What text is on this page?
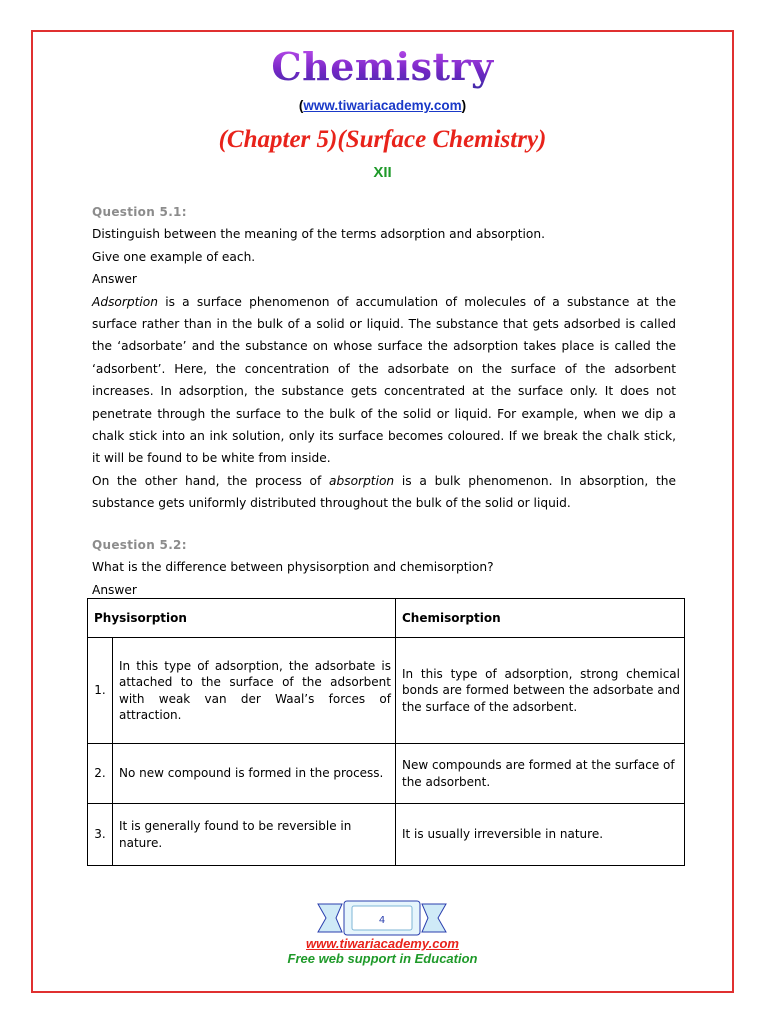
Chemistry
(www.tiwariacademy.com)
(Chapter 5)(Surface Chemistry)
XII
Question 5.1:
Distinguish between the meaning of the terms adsorption and absorption.
Give one example of each.
Answer

Adsorption is a surface phenomenon of accumulation of molecules of a substance at the surface rather than in the bulk of a solid or liquid. The substance that gets adsorbed is called the ‘adsorbate’ and the substance on whose surface the adsorption takes place is called the ‘adsorbent’. Here, the concentration of the adsorbate on the surface of the adsorbent increases. In adsorption, the substance gets concentrated at the surface only. It does not penetrate through the surface to the bulk of the solid or liquid. For example, when we dip a chalk stick into an ink solution, only its surface becomes coloured. If we break the chalk stick, it will be found to be white from inside.

On the other hand, the process of absorption is a bulk phenomenon. In absorption, the substance gets uniformly distributed throughout the bulk of the solid or liquid.

Question 5.2:
What is the difference between physisorption and chemisorption?
Answer
Physisorption		Chemisorption
1.	In this type of adsorption, the adsorbate is attached to the surface of the adsorbent with weak van der Waal’s forces of attraction.	In this type of adsorption, strong chemical bonds are formed between the adsorbate and the surface of the adsorbent.
2.	No new compound is formed in the process.	New compounds are formed at the surface of the adsorbent.
3.	It is generally found to be reversible in nature.	It is usually irreversible in nature.
4
www.tiwariacademy.com
Free web support in Education
